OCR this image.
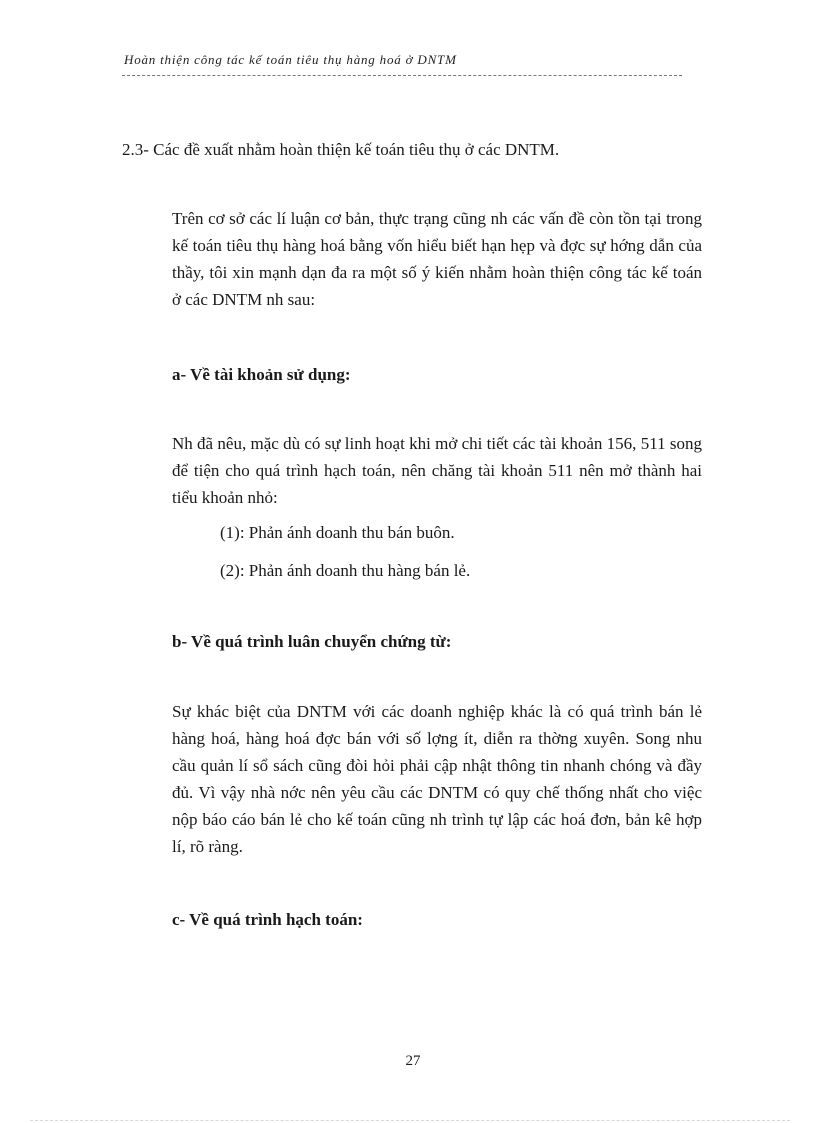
Hoàn thiện công tác kế toán tiêu thụ hàng hoá ở DNTM
2.3- Các đề xuất nhằm hoàn thiện kế toán tiêu thụ ở các DNTM.

Trên cơ sở các lí luận cơ bản, thực trạng cũng nh các vấn đề còn tồn tại trong kế toán tiêu thụ hàng hoá bằng vốn hiểu biết hạn hẹp và đợc sự hớng dẫn của thầy, tôi xin mạnh dạn đa ra một số ý kiến nhằm hoàn thiện công tác kế toán ở các DNTM nh sau:

a- Về tài khoản sử dụng:

Nh đã nêu, mặc dù có sự linh hoạt khi mở chi tiết các tài khoản 156, 511 song để tiện cho quá trình hạch toán, nên chăng tài khoản 511 nên mở thành hai tiểu khoản nhỏ:

(1): Phản ánh doanh thu bán buôn.

(2): Phản ánh doanh thu hàng bán lẻ.

b- Về quá trình luân chuyển chứng từ:

Sự khác biệt của DNTM với các doanh nghiệp khác là có quá trình bán lẻ hàng hoá, hàng hoá đợc bán với số lợng ít, diễn ra thờng xuyên. Song nhu cầu quản lí sổ sách cũng đòi hỏi phải cập nhật thông tin nhanh chóng và đầy đủ. Vì vậy nhà nớc nên yêu cầu các DNTM có quy chế thống nhất cho việc nộp báo cáo bán lẻ cho kế toán cũng nh trình tự lập các hoá đơn, bản kê hợp lí, rõ ràng.

c- Về quá trình hạch toán:
27
